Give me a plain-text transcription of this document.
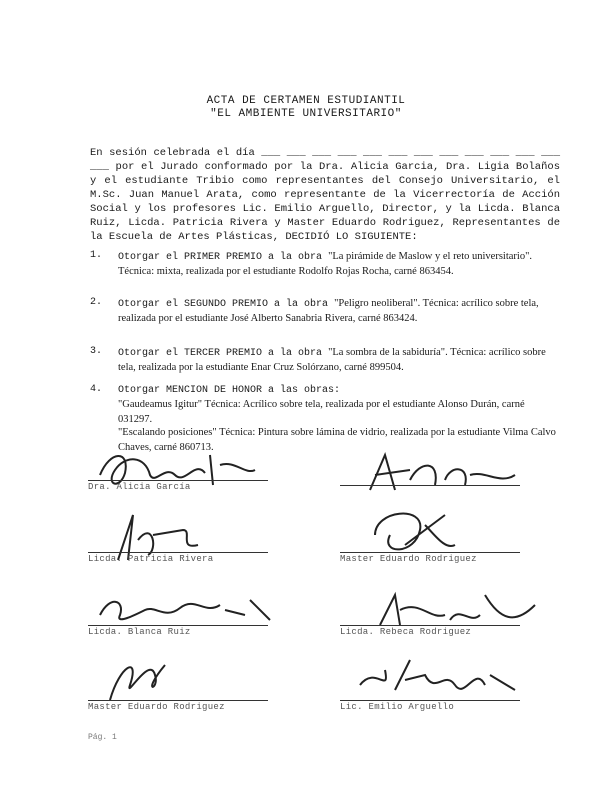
ACTA DE CERTAMEN ESTUDIANTIL
"EL AMBIENTE UNIVERSITARIO"
En sesión celebrada el día ___ ___ ___ ___ ___ ___ ___ ___ ___ ___ ___ ___ ___ por el Jurado conformado por la Dra. Alicia Garcia, Dra. Ligia Bolaños y el estudiante Tribio como representantes del Consejo Universitario, el M.Sc. Juan Manuel Arata, como representante de la Vicerrectoría de Acción Social y los profesores Lic. Emilio Arguello, Director, y la Licda. Blanca Ruiz, Licda. Patricia Rivera y Master Eduardo Rodriguez, Representantes de la Escuela de Artes Plásticas, DECIDIÓ LO SIGUIENTE:
1. Otorgar el PRIMER PREMIO a la obra "La pirámide de Maslow y el reto universitario". Técnica: mixta, realizada por el estudiante Rodolfo Rojas Rocha, carné 863454.
2. Otorgar el SEGUNDO PREMIO a la obra "Peligro neoliberal". Técnica: acrílico sobre tela, realizada por el estudiante José Alberto Sanabria Rivera, carné 863424.
3. Otorgar el TERCER PREMIO a la obra "La sombra de la sabiduría". Técnica: acrílico sobre tela, realizada por la estudiante Enar Cruz Solórzano, carné 899504.
4. Otorgar MENCION DE HONOR a las obras:
"Gaudeamus Igitur" Técnica: Acrílico sobre tela, realizada por el estudiante Alonso Durán, carné 031297.
"Escalando posiciones" Técnica: Pintura sobre lámina de vidrio, realizada por la estudiante Vilma Calvo Chaves, carné 860713.
Dra. Alicia García
Licda. Patricia Rivera	Master Eduardo Rodriguez
Licda. Blanca Ruiz	Licda. Rebeca Rodriguez
Master Eduardo Rodriguez	Lic. Emilio Arguello
Pág. 1
